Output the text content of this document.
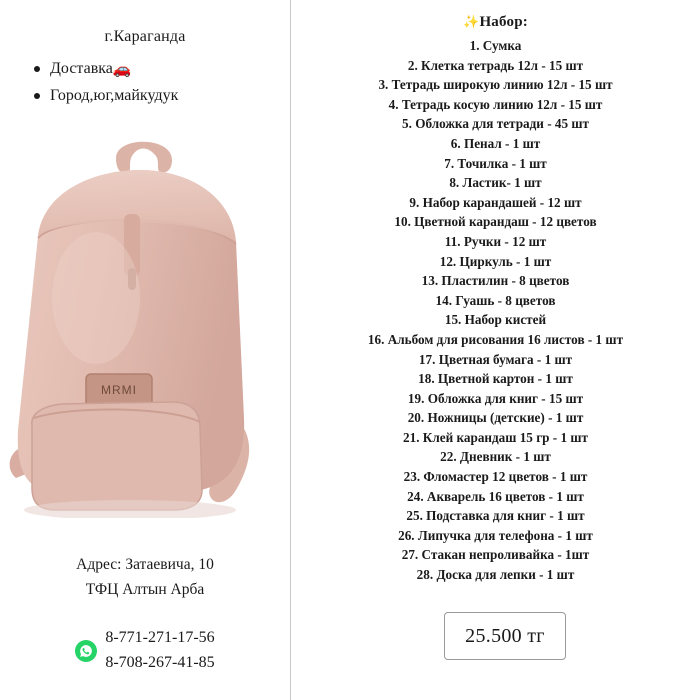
г.Караганда
Доставка🚗
Город,юг,майкудук
MRMI
Адрес: Затаевича, 10
ТФЦ Алтын Арба
8-771-271-17-56
8-708-267-41-85
✨Набор:
1. Сумка
2. Клетка тетрадь 12л - 15 шт
3. Тетрадь широкую линию 12л - 15 шт
4. Тетрадь косую линию 12л - 15 шт
5. Обложка для тетради - 45 шт
6. Пенал - 1 шт
7. Точилка - 1 шт
8. Ластик- 1 шт
9. Набор карандашей - 12 шт
10. Цветной карандаш - 12 цветов
11. Ручки - 12 шт
12. Циркуль - 1 шт
13. Пластилин - 8 цветов
14. Гуашь - 8 цветов
15. Набор кистей
16. Альбом для рисования 16 листов - 1 шт
17. Цветная бумага - 1 шт
18. Цветной картон - 1 шт
19. Обложка для книг - 15 шт
20. Ножницы (детские) - 1 шт
21. Клей карандаш 15 гр - 1 шт
22. Дневник - 1 шт
23. Фломастер 12 цветов - 1 шт
24. Акварель 16 цветов - 1 шт
25. Подставка для книг - 1 шт
26. Липучка для телефона - 1 шт
27. Стакан непроливайка - 1шт
28. Доска для лепки - 1 шт
25.500 тг
